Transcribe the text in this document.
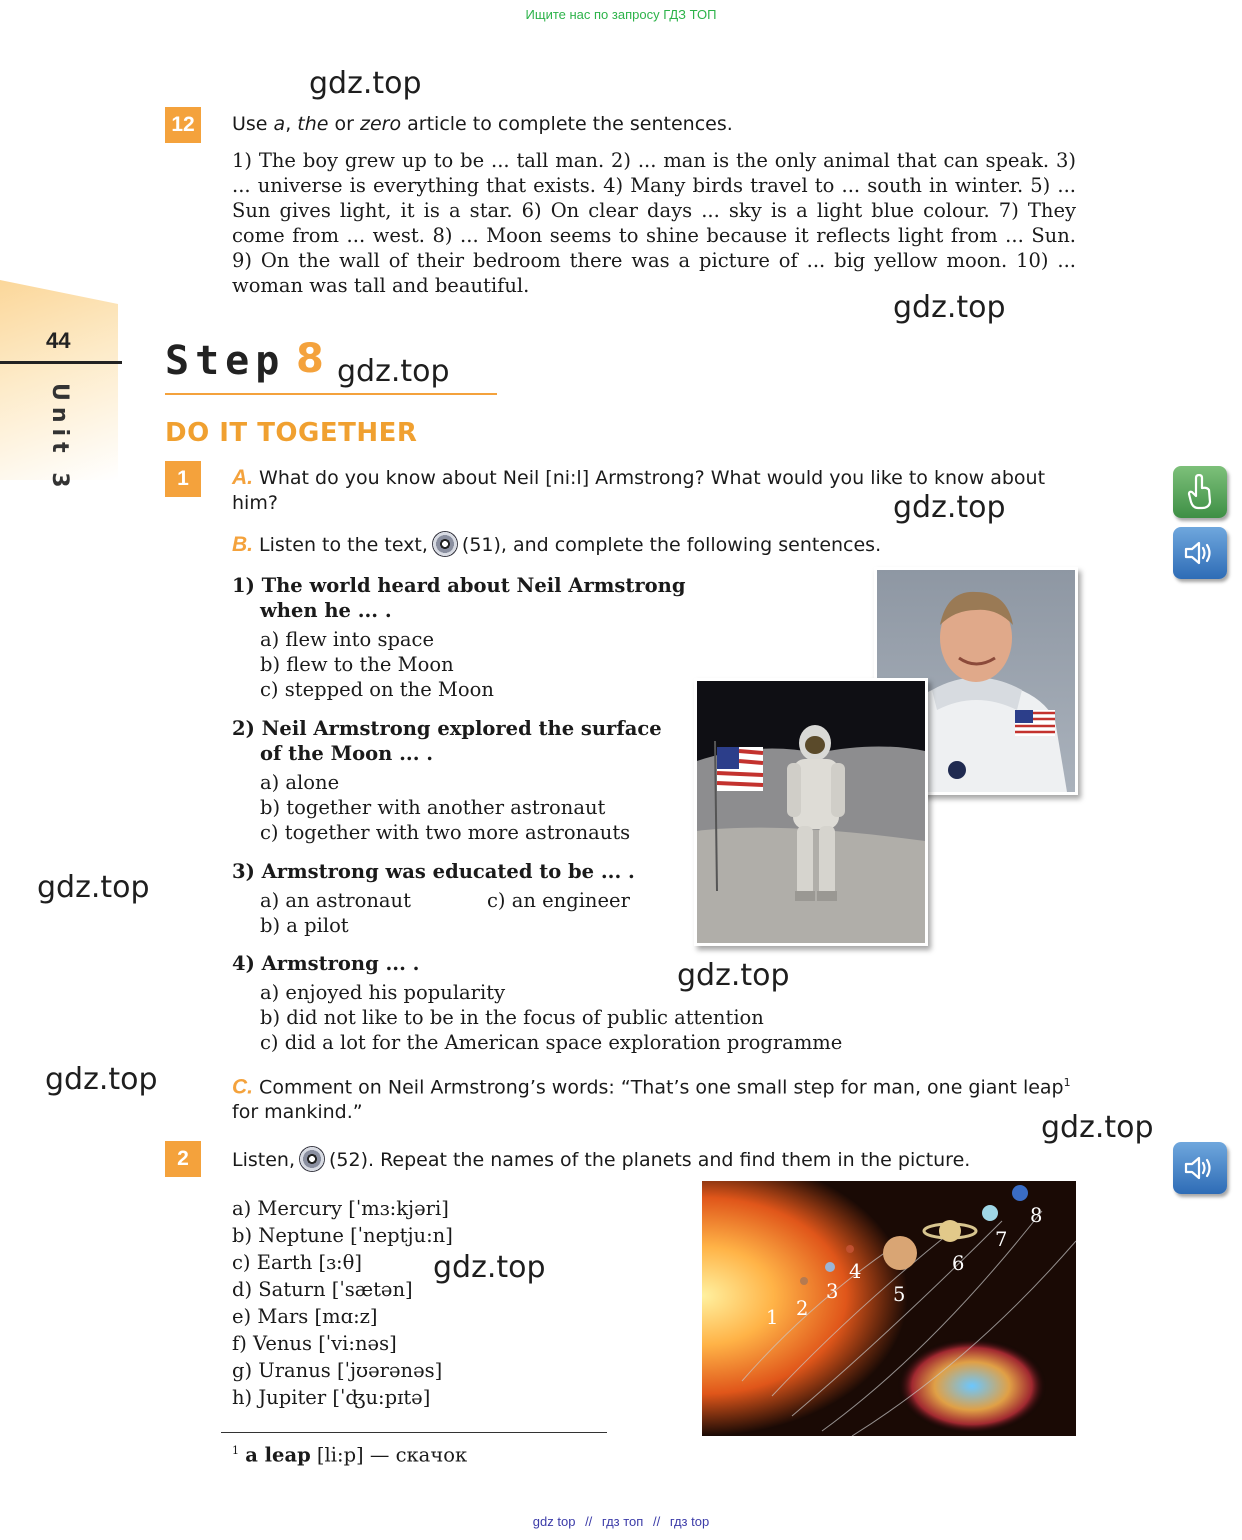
Ищите нас по запросу ГДЗ ТОП
44
Unit 3
gdz.top
gdz.top
gdz.top
gdz.top
gdz.top
gdz.top
gdz.top
gdz.top
gdz.top
12	Use a, the or zero article to complete the sentences.
1) The boy grew up to be ... tall man. 2) ... man is the only animal that can speak. 3) ... universe is everything that exists. 4) Many birds travel to ... south in winter. 5) ... Sun gives light, it is a star. 6) On clear days ... sky is a light blue colour. 7) They come from ... west. 8) ... Moon seems to shine because it reflects light from ... Sun. 9) On the wall of their bedroom there was a picture of ... big yellow moon. 10) ... woman was tall and beautiful.
Step 8
DO IT TOGETHER
1	A. What do you know about Neil [ni:l] Armstrong? What would you like to know about him?
B. Listen to the text, (51), and complete the following sentences.
1) The world heard about Neil Armstrong when he ... .
a) flew into space
b) flew to the Moon
c) stepped on the Moon
2) Neil Armstrong explored the surface of the Moon ... .
a) alone
b) together with another astronaut
c) together with two more astronauts
3) Armstrong was educated to be ... .
a) an astronaut	c) an engineer
b) a pilot
4) Armstrong ... .
a) enjoyed his popularity
b) did not like to be in the focus of public attention
c) did a lot for the American space exploration programme
C. Comment on Neil Armstrong’s words: “That’s one small step for man, one giant leap$^1$
for mankind.”
2	Listen, (52). Repeat the names of the planets and find them in the picture.
a) Mercury [ˈmɜ:kjəri]
b) Neptune [ˈneptju:n]
c) Earth [ɜ:θ]
d) Saturn [ˈsætən]
e) Mars [mɑ:z]
f) Venus [ˈvi:nəs]
g) Uranus [ˈjʊərənəs]
h) Jupiter [ˈʤu:pɪtə]
1 2
3
4
5
6
7
8
$^1$ a leap [li:p] — скачок
gdz top // гдз топ // гдз top
